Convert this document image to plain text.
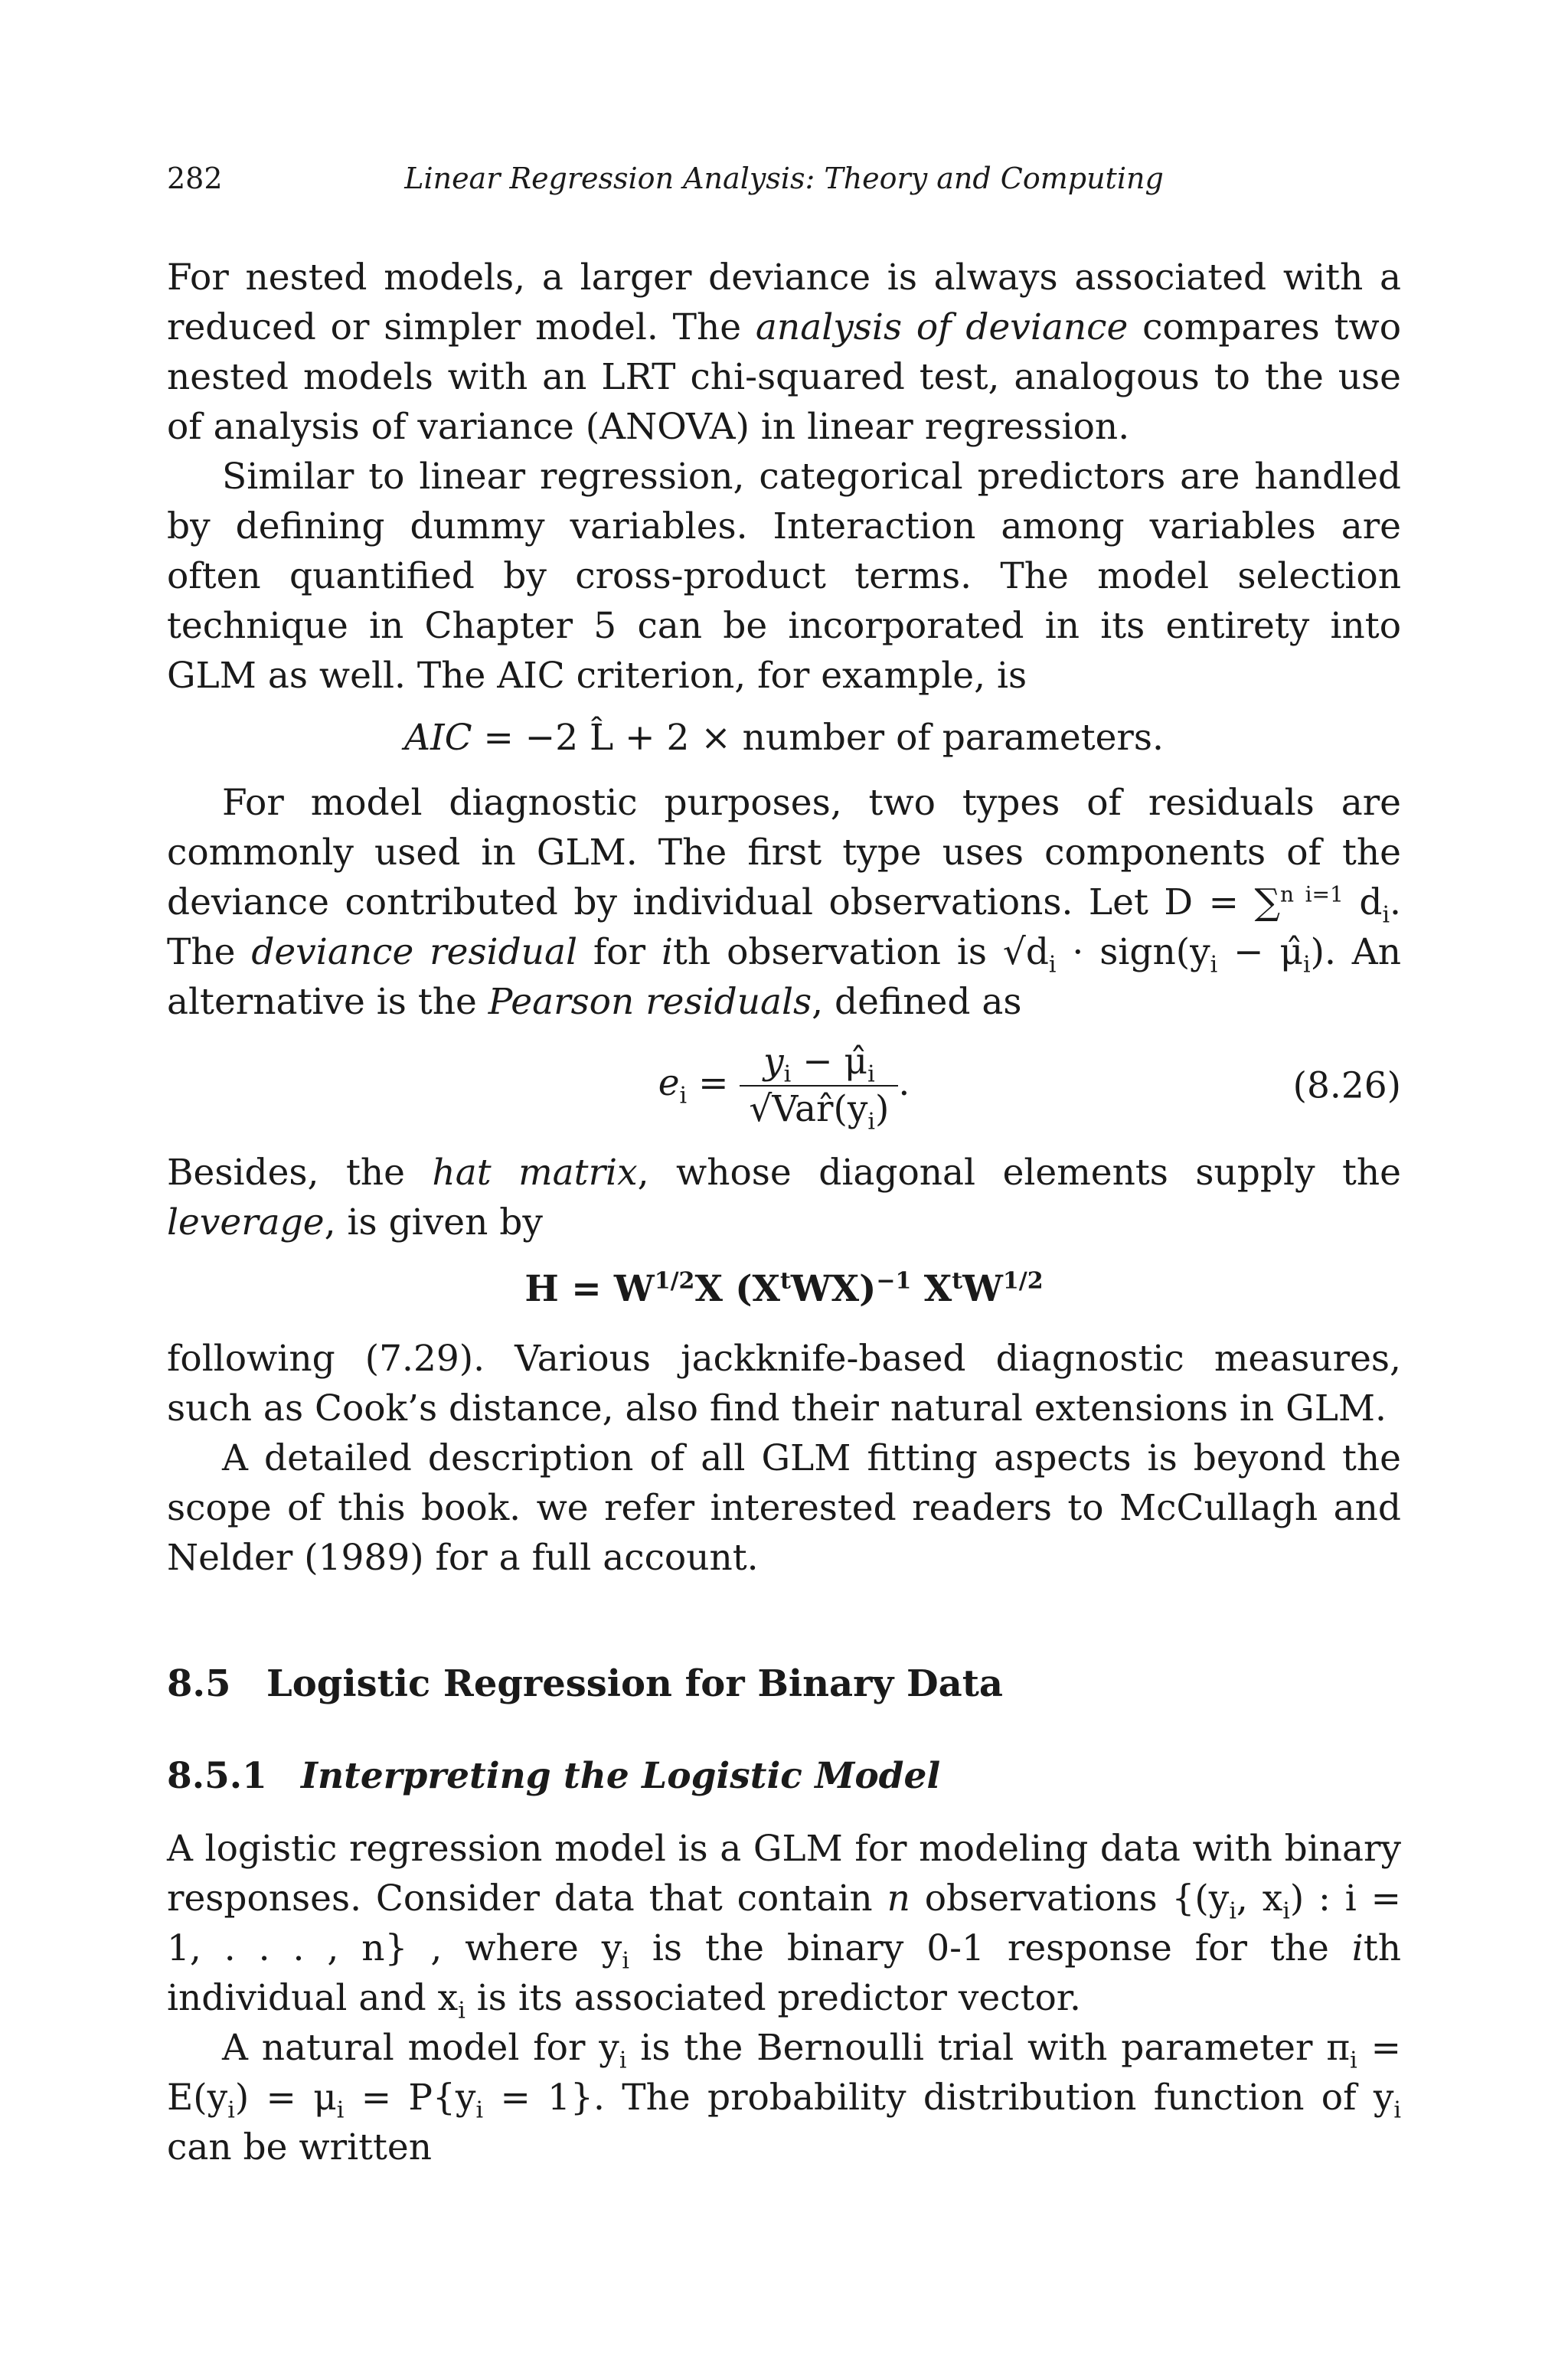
282	Linear Regression Analysis: Theory and Computing

For nested models, a larger deviance is always associated with a reduced or simpler model. The analysis of deviance compares two nested models with an LRT chi-squared test, analogous to the use of analysis of variance (ANOVA) in linear regression.

Similar to linear regression, categorical predictors are handled by defining dummy variables. Interaction among variables are often quantified by cross-product terms. The model selection technique in Chapter 5 can be incorporated in its entirety into GLM as well. The AIC criterion, for example, is

AIC = −2 L̂ + 2 × number of parameters.

For model diagnostic purposes, two types of residuals are commonly used in GLM. The first type uses components of the deviance contributed by individual observations. Let D = ∑$^{n i=1}$ $d_i$. The deviance residual for ith observation is $√d_i$ · $sign(y_i$ − $\mû_i$). An alternative is the Pearson residuals, defined as

$e_i = \frac{y_i - \mû_i}{√Var̂(y_i)}$ .	(8.26)

Besides, the hat matrix, whose diagonal elements supply the leverage, is given by

$H = W^{1/2}X$ $(X^tWX)^{-1}$ $X^tW^{1/2}$

following (7.29). Various jackknife-based diagnostic measures, such as Cook’s distance, also find their natural extensions in GLM.

A detailed description of all GLM fitting aspects is beyond the scope of this book. we refer interested readers to McCullagh and Nelder (1989) for a full account.

8.5 Logistic Regression for Binary Data
8.5.1 Interpreting the Logistic Model

A logistic regression model is a GLM for modeling data with binary responses. Consider data that contain n observations {($y_i$, $x_i$) : i = 1, . . . , n} , where $y_i$ is the binary 0-1 response for the ith individual and $x_i$ is its associated predictor vector.

A natural model for $y_i$ is the Bernoulli trial with parameter $\pi_i = E(y_i) = \mu_i = P\{y_i = 1\}$. The probability distribution function of $y_i$ can be written
